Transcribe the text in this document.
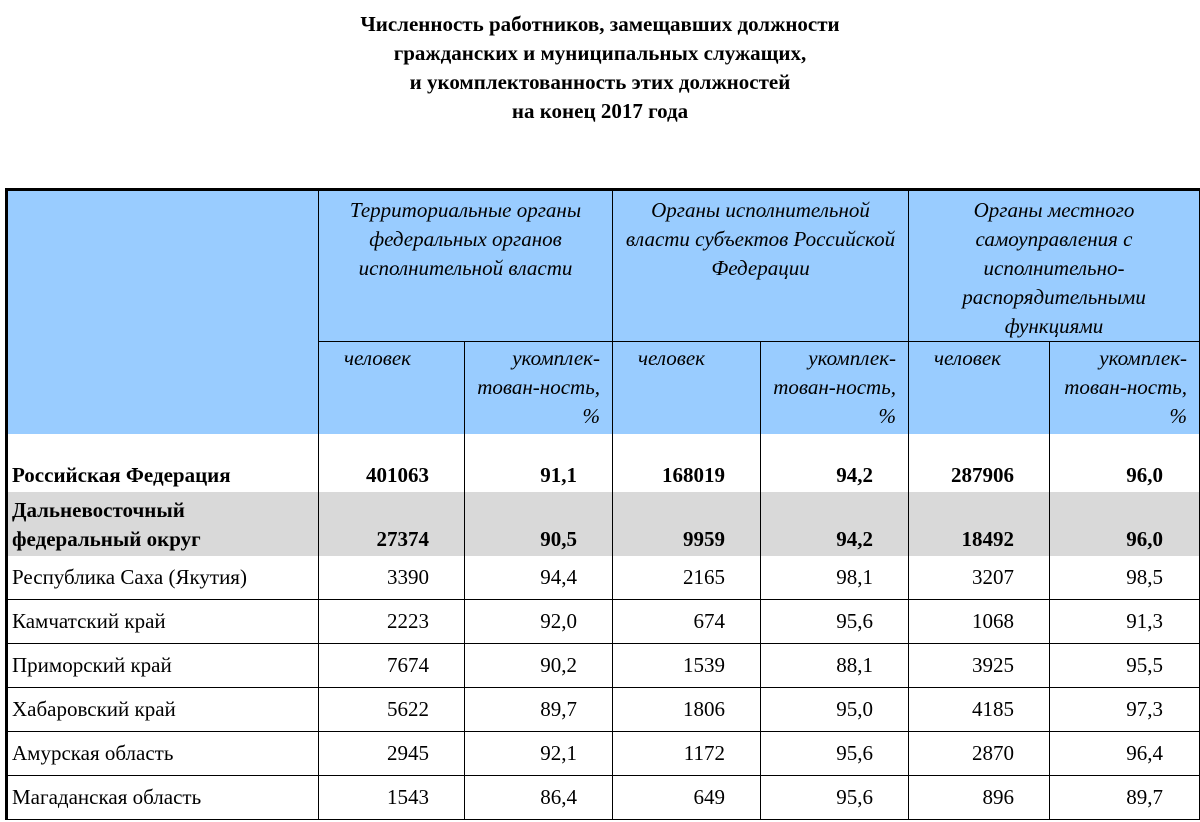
Численность работников, замещавших должности
гражданских и муниципальных служащих,
и укомплектованность этих должностей
на конец 2017 года
	Территориальные органы федеральных органов исполнительной власти		Органы исполнительной власти субъектов Российской Федерации		Органы местного самоуправления с исполнительно-распорядительными функциями	
	человек	укомплек-тован-ность, %	человек	укомплек-тован-ность, %	человек	укомплек-тован-ность, %
Российская Федерация	401063	91,1	168019	94,2	287906	96,0
Дальневосточный федеральный округ	27374	90,5	9959	94,2	18492	96,0
Республика Саха (Якутия)	3390	94,4	2165	98,1	3207	98,5
Камчатский край	2223	92,0	674	95,6	1068	91,3
Приморский край	7674	90,2	1539	88,1	3925	95,5
Хабаровский край	5622	89,7	1806	95,0	4185	97,3
Амурская область	2945	92,1	1172	95,6	2870	96,4
Магаданская область	1543	86,4	649	95,6	896	89,7
